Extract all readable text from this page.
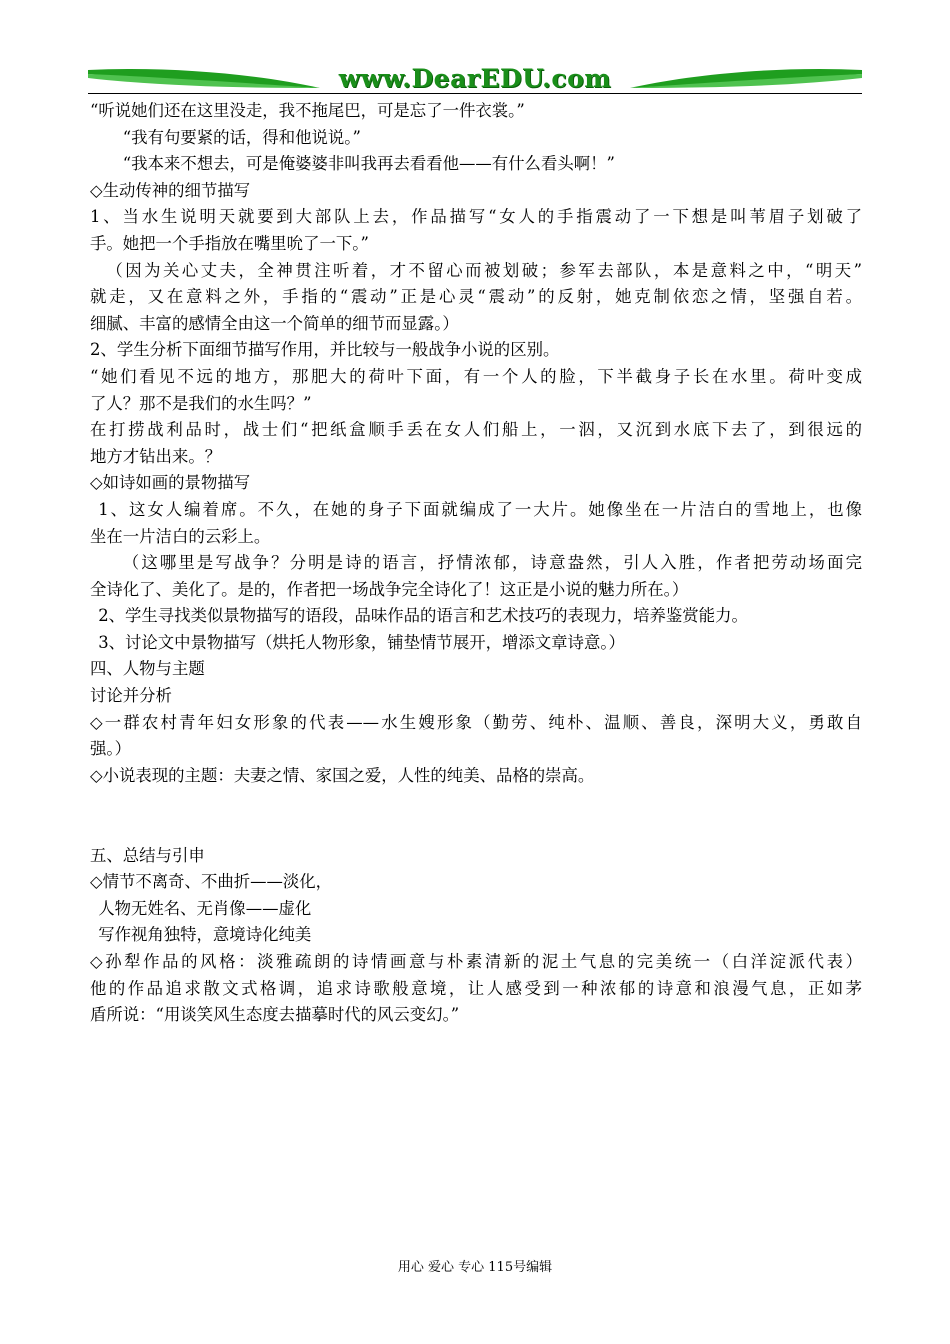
www.DearEDU.com
“听说她们还在这里没走，我不拖尾巴，可是忘了一件衣裳。”
“我有句要紧的话，得和他说说。”
“我本来不想去，可是俺婆婆非叫我再去看看他——有什么看头啊！”
◇生动传神的细节描写
1、当水生说明天就要到大部队上去，作品描写“女人的手指震动了一下想是叫苇眉子划破了
手。她把一个手指放在嘴里吮了一下。”
（因为关心丈夫，全神贯注听着，才不留心而被划破；参军去部队，本是意料之中，“明天”
就走，又在意料之外，手指的“震动”正是心灵“震动”的反射，她克制依恋之情，坚强自若。
细腻、丰富的感情全由这一个简单的细节而显露。）
2、学生分析下面细节描写作用，并比较与一般战争小说的区别。
“她们看见不远的地方，那肥大的荷叶下面，有一个人的脸，下半截身子长在水里。荷叶变成
了人？那不是我们的水生吗？”
在打捞战利品时，战士们“把纸盒顺手丢在女人们船上，一泅，又沉到水底下去了，到很远的
地方才钻出来。？
◇如诗如画的景物描写
1、这女人编着席。不久，在她的身子下面就编成了一大片。她像坐在一片洁白的雪地上，也像
坐在一片洁白的云彩上。
（这哪里是写战争？分明是诗的语言，抒情浓郁，诗意盎然，引人入胜，作者把劳动场面完
全诗化了、美化了。是的，作者把一场战争完全诗化了！这正是小说的魅力所在。）
2、学生寻找类似景物描写的语段，品味作品的语言和艺术技巧的表现力，培养鉴赏能力。
3、讨论文中景物描写（烘托人物形象，铺垫情节展开，增添文章诗意。）
四、人物与主题
讨论并分析
◇一群农村青年妇女形象的代表——水生嫂形象（勤劳、纯朴、温顺、善良，深明大义，勇敢自
强。）
◇小说表现的主题：夫妻之情、家国之爱，人性的纯美、品格的崇高。
五、总结与引申
◇情节不离奇、不曲折——淡化，
人物无姓名、无肖像——虚化
写作视角独特，意境诗化纯美
◇孙犁作品的风格：淡雅疏朗的诗情画意与朴素清新的泥土气息的完美统一（白洋淀派代表）
他的作品追求散文式格调，追求诗歌般意境，让人感受到一种浓郁的诗意和浪漫气息，正如茅
盾所说：“用谈笑风生态度去描摹时代的风云变幻。”
用心 爱心 专心 115号编辑
